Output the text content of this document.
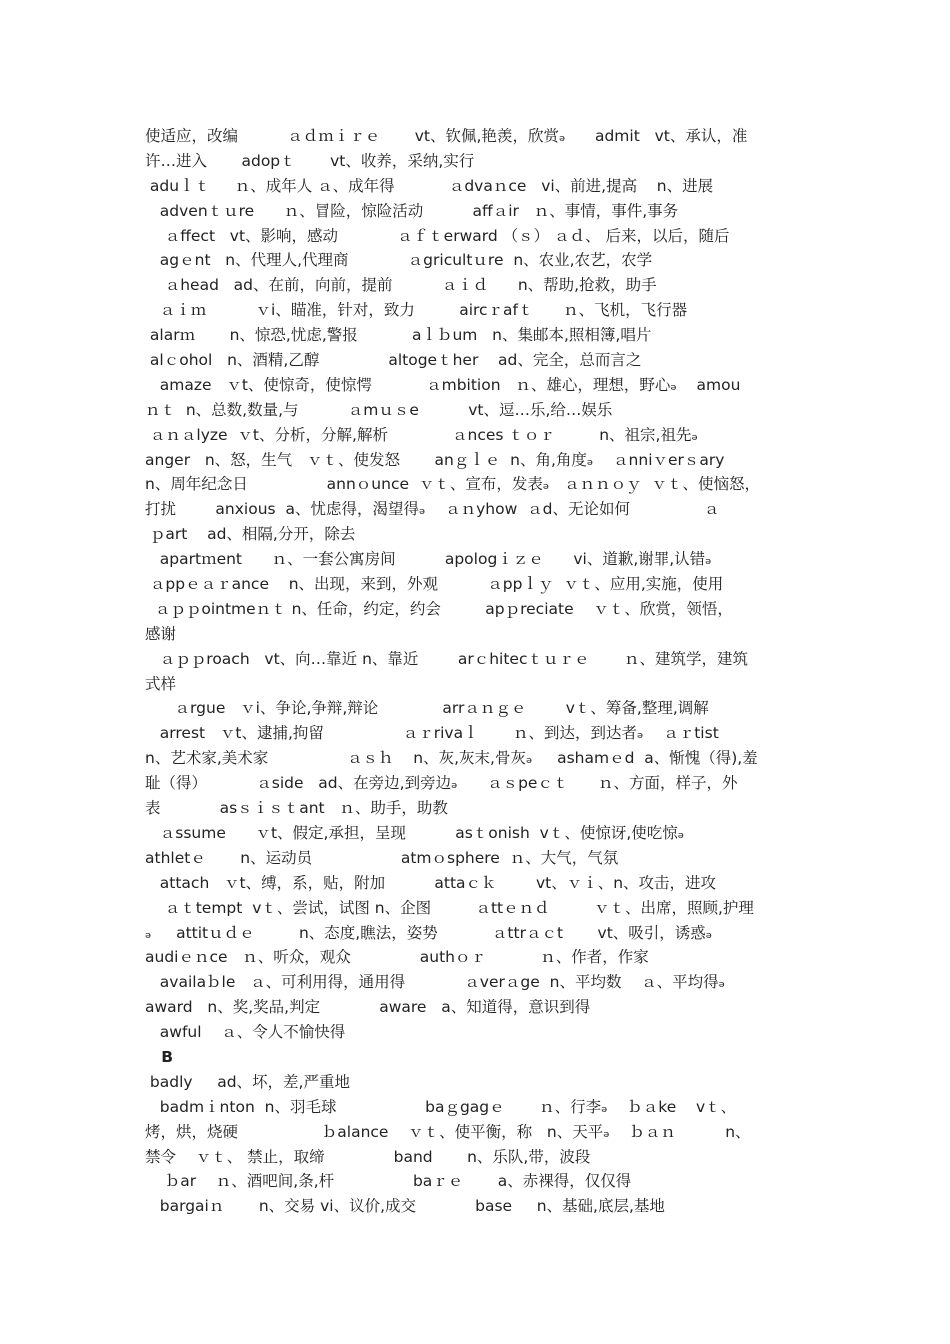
使适应，改编          ａｄｍｉｒｅ       vt、钦佩,艳羡，欣赏ₔ      admit   vt、承认，准
许…进入       adopｔ       vt、收养，采纳,实行
aduｌｔ     ｎ、成年人 ａ、成年得           ａdvaｎce   vi、前进,提高    n、进展
advenｔｕre      ｎ、冒险，惊险活动          affａir   ｎ、事情，事件,事务
ａffect   vt、影响，感动            ａｆｔerward （ｓ） ａｄ、 后来，以后，随后
agｅnt   n、代理人,代理商            ａgricultｕre  n、农业,农艺，农学
ａhead   ad、在前，向前，提前          ａｉｄ      n、帮助,抢救，助手
ａｉｍ          ｖi、瞄准，针对，致力         aircｒafｔ      ｎ、飞机，飞行器
alarｍ       n、惊恐,忧虑,警报           aｌｂum   n、集邮本,照相簿,唱片
alｃohol   n、酒精,乙醇              altogeｔher    ad、完全，总而言之
amaze   ｖt、使惊奇，使惊愕           ａmbition   ｎ、雄心，理想，野心ₔ    amou
ｎｔ  n、总数,数量,与          ａmｕｓe          vt、逗…乐,给…娱乐
ａｎａlyze  ｖt、分析，分解,解析             ａnces ｔｏｒ         n、祖宗,祖先ₔ
anger   n、怒，生气   ｖｔ、使发怒       anｇｌｅ  n、角,角度ₔ    ａnniｖerｓary
n、周年纪念日                annｏunce  ｖｔ、宣布，发表ₔ   ａｎｎｏｙ  ｖｔ、使恼怒，
打扰        anxious  a、忧虑得，渴望得ₔ    ａｎyhow  ａd、无论如何               ａ
ｐart    ad、相隔,分开，除去
apartｍent      ｎ、一套公寓房间          apologｉｚｅ      vi、道歉,谢罪,认错ₔ
ａppｅａｒance    n、出现，来到，外观          ａppｌｙ  ｖｔ、应用,实施，使用
ａｐｐointmeｎｔ n、任命，约定，约会         apｐreciate    ｖｔ、欣赏，领悟，
感谢
ａｐｐroach   vt、向…靠近 n、靠近        arｃhitecｔｕｒｅ       ｎ、建筑学，建筑
式样
ａrgue   ｖi、争论,争辩,辩论             arrａｎｇｅ        vｔ、筹备,整理,调解
arrest   ｖt、逮捕,拘留                ａｒrivaｌ       ｎ、到达，到达者ₔ    ａｒtist
n、艺术家,美术家                ａｓｈ    n、灰,灰末,骨灰ₔ     ashamｅd  a、惭愧（得),羞
耻（得）          ａside   ad、在旁边,到旁边ₔ      ａｓpeｃｔ      ｎ、方面，样子，外
表            asｓｉｓｔant   ｎ、助手，助教
ａssume      ｖt、假定,承担，呈现          asｔonish  vｔ、使惊讶,使吃惊ₔ
athletｅ       n、运动员                  atmｏsphere  ｎ、大气，气氛
attach   ｖt、缚，系，贴，附加          attaｃｋ        vt、ｖｉ、n、攻击，进攻
ａｔtempt  vｔ、尝试，试图 n、企图         ａttｅｎｄ         ｖｔ、出席，照顾,护理
ₔ     attitｕｄｅ         n、态度,瞧法，姿势           ａttrａｃt       vt、吸引，诱惑ₔ
audiｅｎce   ｎ、听众，观众              authｏｒ           ｎ、作者，作家
availaｂle   ａ、可利用得，通用得            ａverａge  n、平均数    ａ、平均得ₔ
award   n、奖,奖品,判定            aware   a、知道得，意识到得
awful    ａ、令人不愉快得
B
badly     ad、坏，差,严重地
badmｉnton  n、羽毛球                  baｇgagｅ       ｎ、行李ₔ    ｂａke    vｔ、
烤，烘，烧硬                 ｂalance    ｖｔ、使平衡，称   n、天平ₔ    ｂａｎ          n、
禁令    ｖｔ、 禁止，取缔              band       n、乐队,带，波段
ｂar    ｎ、酒吧间,条,杆                baｒｅ       a、赤裸得，仅仅得
bargaiｎ       n、交易 vi、议价,成交            base     n、基础,底层,基地
